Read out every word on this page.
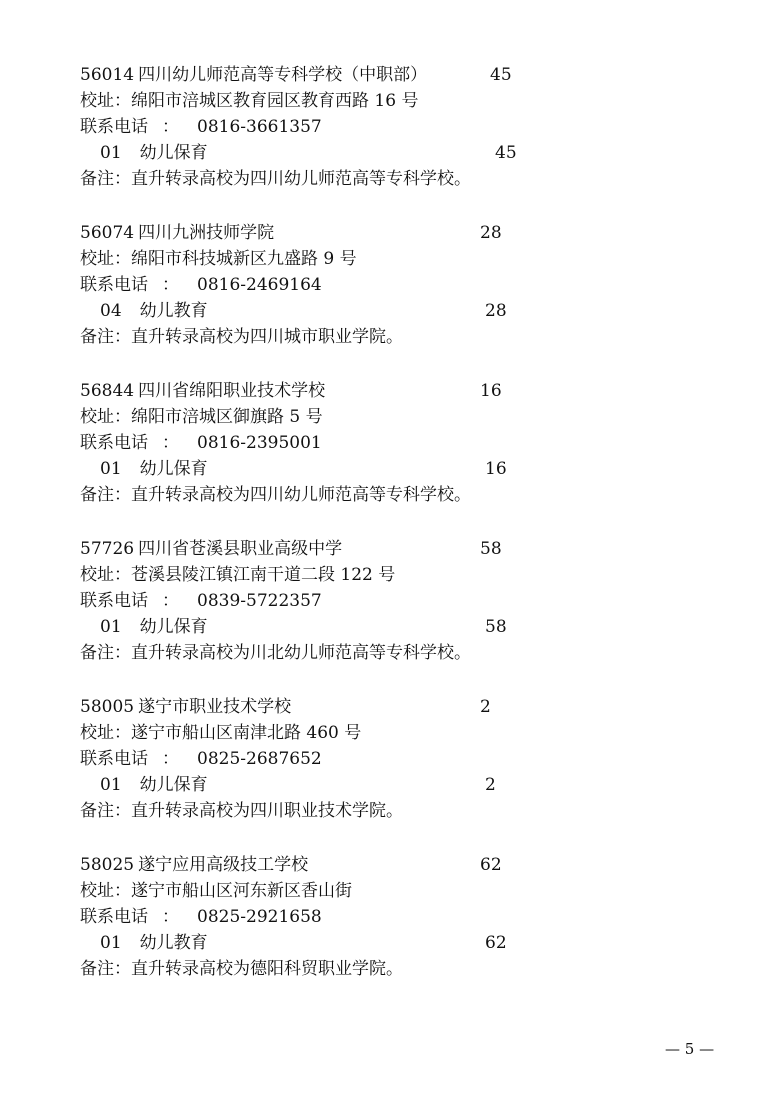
56014 四川幼儿师范高等专科学校（中职部）	45
校址：绵阳市涪城区教育园区教育西路 16 号
联系电话 ： 0816-3661357
01 幼儿保育	45
备注：直升转录高校为四川幼儿师范高等专科学校。
56074 四川九洲技师学院	28
校址：绵阳市科技城新区九盛路 9 号
联系电话 ： 0816-2469164
04 幼儿教育	28
备注：直升转录高校为四川城市职业学院。
56844 四川省绵阳职业技术学校	16
校址：绵阳市涪城区御旗路 5 号
联系电话 ： 0816-2395001
01 幼儿保育	16
备注：直升转录高校为四川幼儿师范高等专科学校。
57726 四川省苍溪县职业高级中学	58
校址：苍溪县陵江镇江南干道二段 122 号
联系电话 ： 0839-5722357
01 幼儿保育	58
备注：直升转录高校为川北幼儿师范高等专科学校。
58005 遂宁市职业技术学校	2
校址：遂宁市船山区南津北路 460 号
联系电话 ： 0825-2687652
01 幼儿保育	2
备注：直升转录高校为四川职业技术学院。
58025 遂宁应用高级技工学校	62
校址：遂宁市船山区河东新区香山街
联系电话 ： 0825-2921658
01 幼儿教育	62
备注：直升转录高校为德阳科贸职业学院。
— 5 —
